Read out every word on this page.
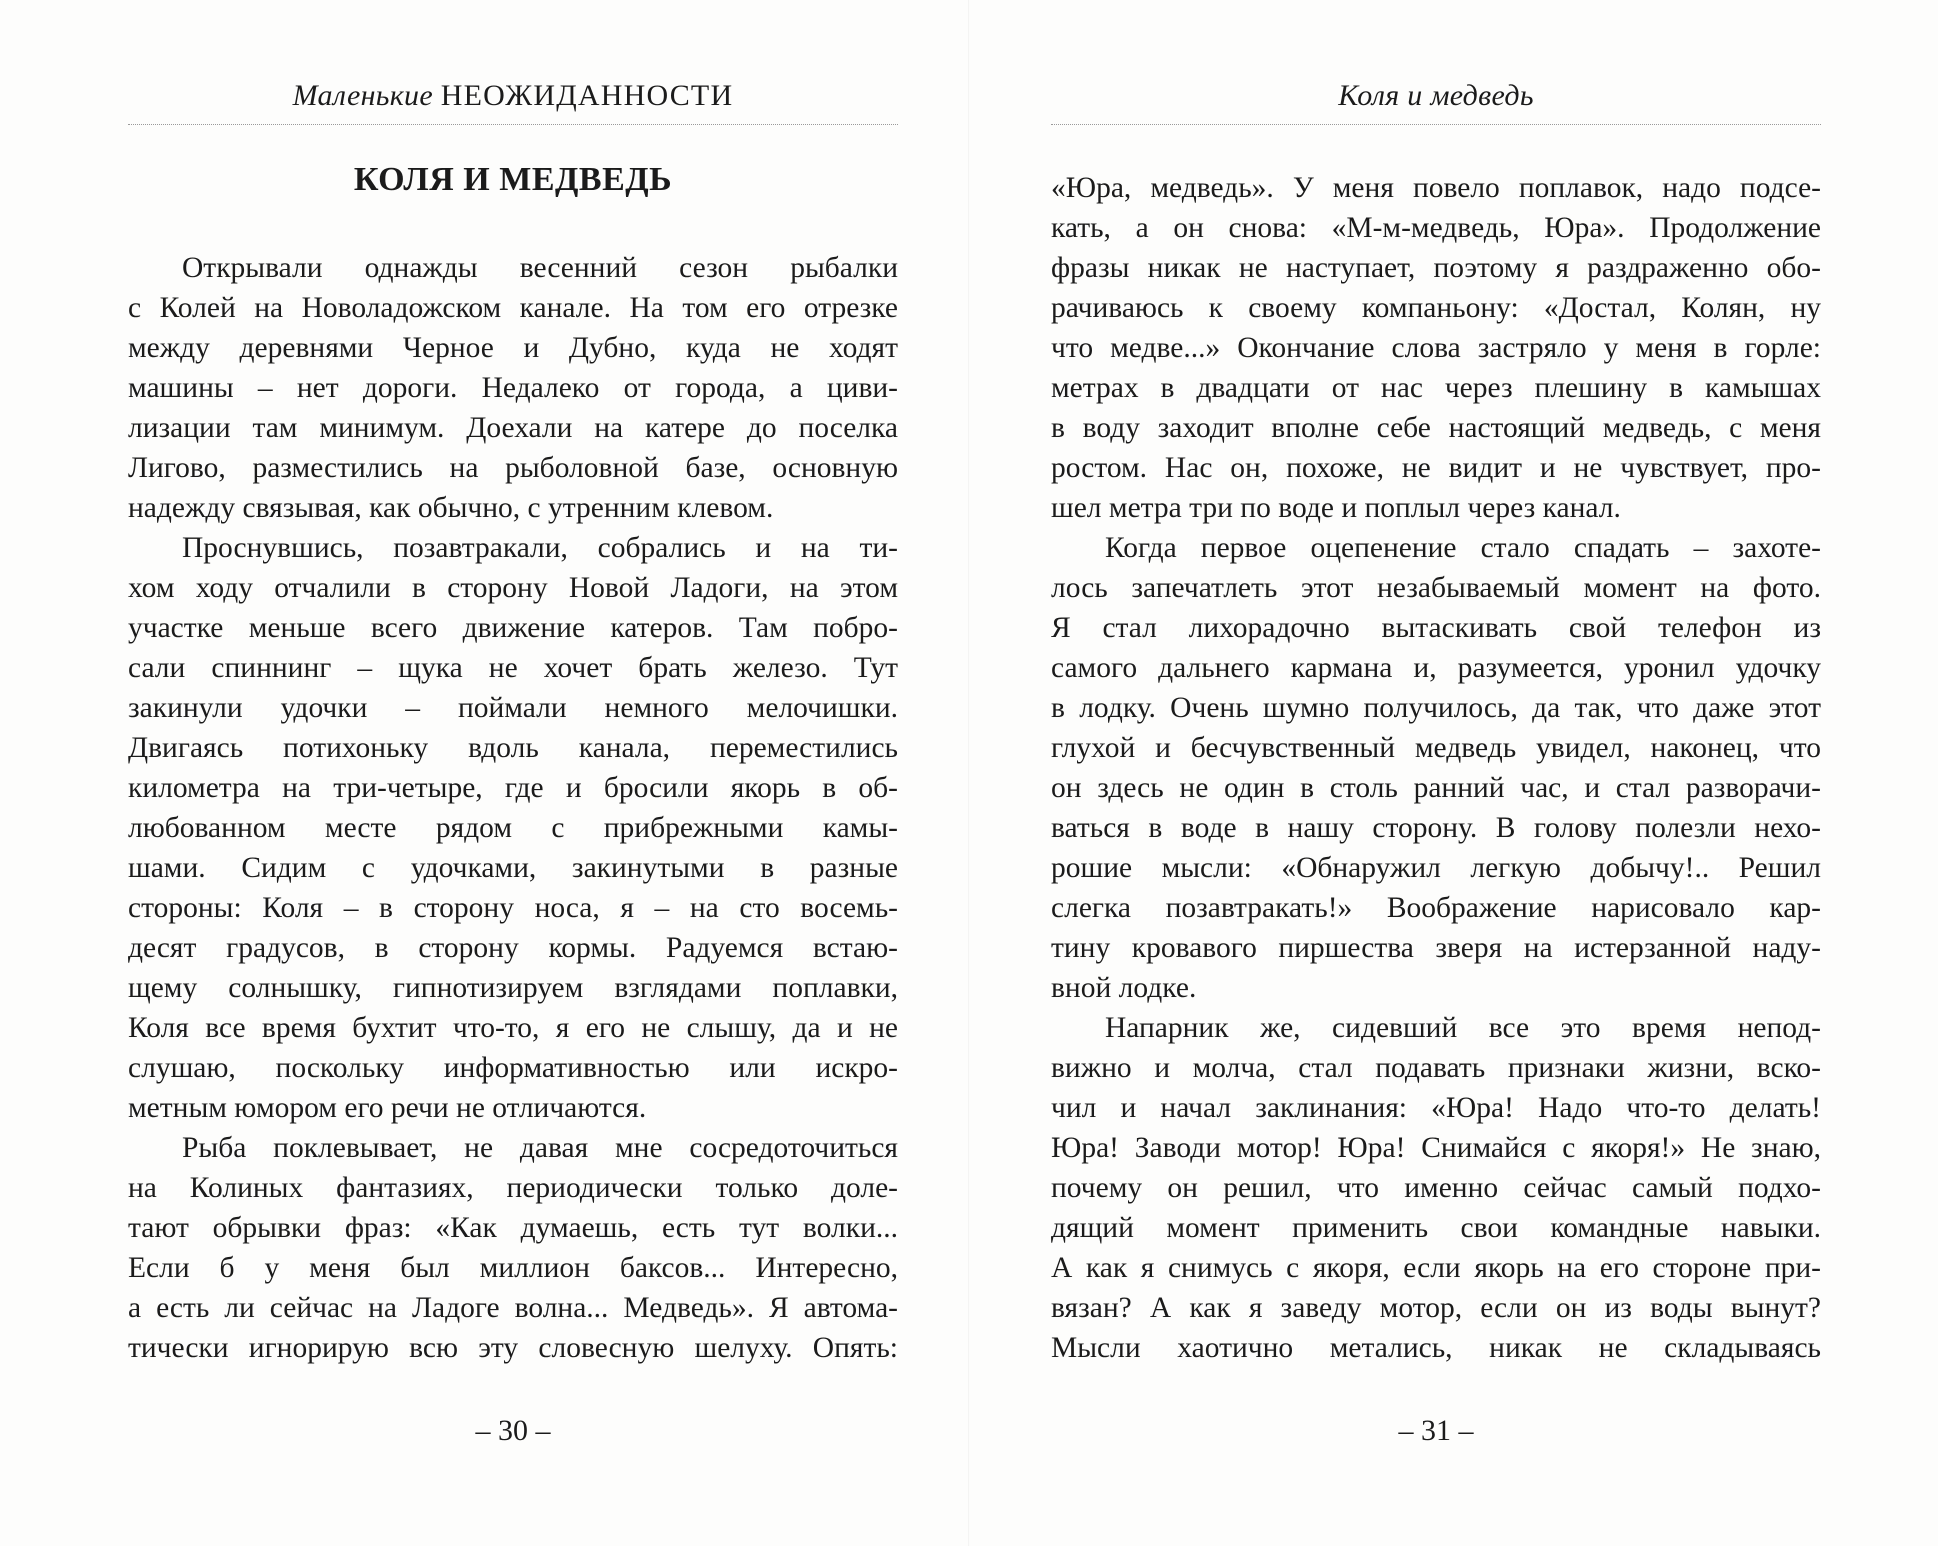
Маленькие НЕОЖИДАННОСТИ
КОЛЯ И МЕДВЕДЬ
Открывали однажды весенний сезон рыбалки
с Колей на Новоладожском канале. На том его отрезке
между деревнями Черное и Дубно, куда не ходят
машины – нет дороги. Недалеко от города, а циви-
лизации там минимум. Доехали на катере до поселка
Лигово, разместились на рыболовной базе, основную
надежду связывая, как обычно, с утренним клевом.
Проснувшись, позавтракали, собрались и на ти-
хом ходу отчалили в сторону Новой Ладоги, на этом
участке меньше всего движение катеров. Там побро-
сали спиннинг – щука не хочет брать железо. Тут
закинули удочки – поймали немного мелочишки.
Двигаясь потихоньку вдоль канала, переместились
километра на три-четыре, где и бросили якорь в об-
любованном месте рядом с прибрежными камы-
шами. Сидим с удочками, закинутыми в разные
стороны: Коля – в сторону носа, я – на сто восемь-
десят градусов, в сторону кормы. Радуемся встаю-
щему солнышку, гипнотизируем взглядами поплавки,
Коля все время бухтит что-то, я его не слышу, да и не
слушаю, поскольку информативностью или искро-
метным юмором его речи не отличаются.
Рыба поклевывает, не давая мне сосредоточиться
на Колиных фантазиях, периодически только доле-
тают обрывки фраз: «Как думаешь, есть тут волки...
Если б у меня был миллион баксов... Интересно,
а есть ли сейчас на Ладоге волна... Медведь». Я автома-
тически игнорирую всю эту словесную шелуху. Опять:
– 30 –
Коля и медведь
«Юра, медведь». У меня повело поплавок, надо подсе-
кать, а он снова: «М-м-медведь, Юра». Продолжение
фразы никак не наступает, поэтому я раздраженно обо-
рачиваюсь к своему компаньону: «Достал, Колян, ну
что медве...» Окончание слова застряло у меня в горле:
метрах в двадцати от нас через плешину в камышах
в воду заходит вполне себе настоящий медведь, с меня
ростом. Нас он, похоже, не видит и не чувствует, про-
шел метра три по воде и поплыл через канал.
Когда первое оцепенение стало спадать – захоте-
лось запечатлеть этот незабываемый момент на фото.
Я стал лихорадочно вытаскивать свой телефон из
самого дальнего кармана и, разумеется, уронил удочку
в лодку. Очень шумно получилось, да так, что даже этот
глухой и бесчувственный медведь увидел, наконец, что
он здесь не один в столь ранний час, и стал разворачи-
ваться в воде в нашу сторону. В голову полезли нехо-
рошие мысли: «Обнаружил легкую добычу!.. Решил
слегка позавтракать!» Воображение нарисовало кар-
тину кровавого пиршества зверя на истерзанной наду-
вной лодке.
Напарник же, сидевший все это время непод-
вижно и молча, стал подавать признаки жизни, вско-
чил и начал заклинания: «Юра! Надо что-то делать!
Юра! Заводи мотор! Юра! Снимайся с якоря!» Не знаю,
почему он решил, что именно сейчас самый подхо-
дящий момент применить свои командные навыки.
А как я снимусь с якоря, если якорь на его стороне при-
вязан? А как я заведу мотор, если он из воды вынут?
Мысли хаотично метались, никак не складываясь
– 31 –
